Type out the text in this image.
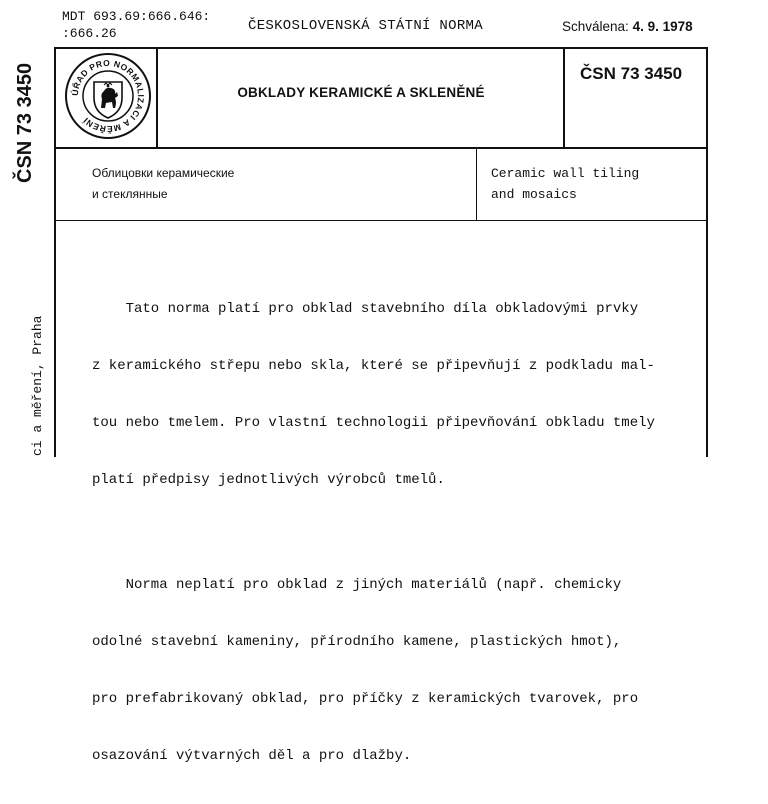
MDT 693.69:666.646:
:666.26	ČESKOSLOVENSKÁ STÁTNÍ NORMA	Schválena: 4. 9. 1978
ČSN 73 3450
ci a měření, Praha
ÚŘAD PRO NORMALIZACI A MĚŘENÍ
OBKLADY KERAMICKÉ A SKLENĚNÉ
ČSN 73 3450
Облицовки керамические
и стеклянные
Ceramic wall tiling
and mosaics

Tato norma platí pro obklad stavebního díla obkladovými prvky

z keramického střepu nebo skla, které se připevňují z podkladu mal-

tou nebo tmelem. Pro vlastní technologii připevňování obkladu tmely

platí předpisy jednotlivých výrobců tmelů.

Norma neplatí pro obklad z jiných materiálů (např. chemicky

odolné stavební kameniny, přírodního kamene, plastických hmot),

pro prefabrikovaný obklad, pro příčky z keramických tvarovek, pro

osazování výtvarných děl a pro dlažby.
